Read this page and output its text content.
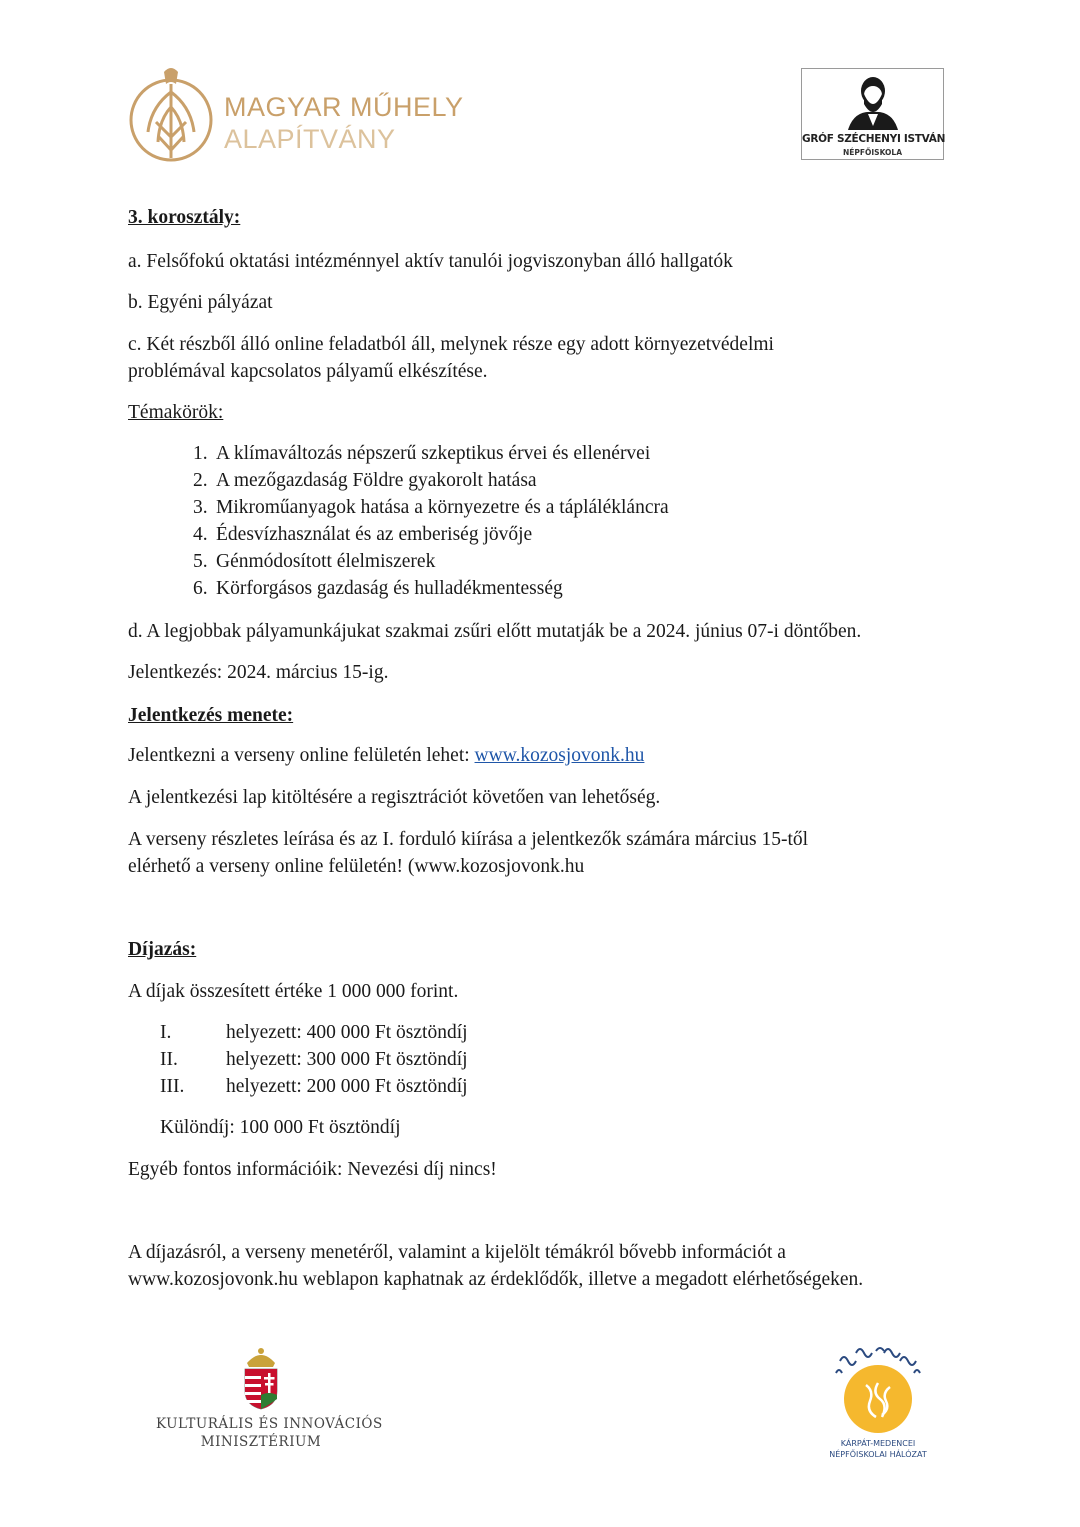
MAGYAR MŰHELY
ALAPÍTVÁNY	GRÓF SZÉCHENYI ISTVÁN
NÉPFŐISKOLA
3. korosztály:
a. Felsőfokú oktatási intézménnyel aktív tanulói jogviszonyban álló hallgatók
b. Egyéni pályázat
c. Két részből álló online feladatból áll, melynek része egy adott környezetvédelmi
problémával kapcsolatos pályamű elkészítése.
Témakörök:
1. A klímaváltozás népszerű szkeptikus érvei és ellenérvei
2. A mezőgazdaság Földre gyakorolt hatása
3. Mikroműanyagok hatása a környezetre és a táplálékláncra
4. Édesvízhasználat és az emberiség jövője
5. Génmódosított élelmiszerek
6. Körforgásos gazdaság és hulladékmentesség
d. A legjobbak pályamunkájukat szakmai zsűri előtt mutatják be a 2024. június 07-i döntőben.
Jelentkezés: 2024. március 15-ig.
Jelentkezés menete:
Jelentkezni a verseny online felületén lehet: www.kozosjovonk.hu
A jelentkezési lap kitöltésére a regisztrációt követően van lehetőség.
A verseny részletes leírása és az I. forduló kiírása a jelentkezők számára március 15-től
elérhető a verseny online felületén! (www.kozosjovonk.hu
Díjazás:
A díjak összesített értéke 1 000 000 forint.
I.	helyezett: 400 000 Ft ösztöndíj
II. helyezett: 300 000 Ft ösztöndíj
III. helyezett: 200 000 Ft ösztöndíj
Különdíj: 100 000 Ft ösztöndíj
Egyéb fontos információik: Nevezési díj nincs!
A díjazásról, a verseny menetéről, valamint a kijelölt témákról bővebb információt a
www.kozosjovonk.hu weblapon kaphatnak az érdeklődők, illetve a megadott elérhetőségeken.
KULTURÁLIS ÉS INNOVÁCIÓS
MINISZTÉRIUM	KÁRPÁT-MEDENCEI
NÉPFŐISKOLAI HÁLÓZAT
